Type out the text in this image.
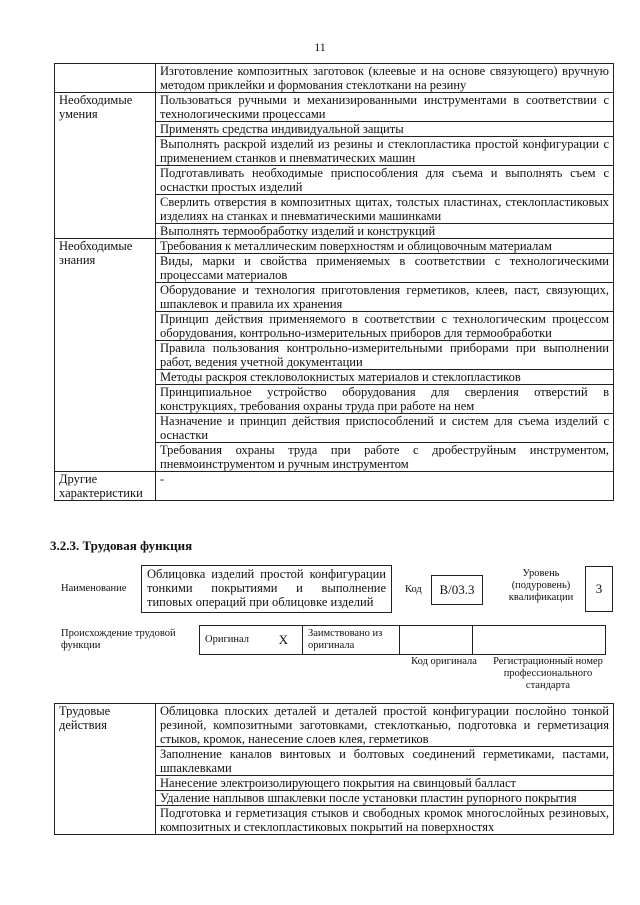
11
	Изготовление композитных заготовок (клеевые и на основе связующего) вручную методом приклейки и формования стеклоткани на резину
Необходимые умения	Пользоваться ручными и механизированными инструментами в соответствии с технологическими процессами
	Применять средства индивидуальной защиты
	Выполнять раскрой изделий из резины и стеклопластика простой конфигурации с применением станков и пневматических машин
	Подготавливать необходимые приспособления для съема и выполнять съем с оснастки простых изделий
	Сверлить отверстия в композитных щитах, толстых пластинах, стеклопластиковых изделиях на станках и пневматическими машинками
	Выполнять термообработку изделий и конструкций
Необходимые знания	Требования к металлическим поверхностям и облицовочным материалам
	Виды, марки и свойства применяемых в соответствии с технологическими процессами материалов
	Оборудование и технология приготовления герметиков, клеев, паст, связующих, шпаклевок и правила их хранения
	Принцип действия применяемого в соответствии с технологическим процессом оборудования, контрольно-измерительных приборов для термообработки
	Правила пользования контрольно-измерительными приборами при выполнении работ, ведения учетной документации
	Методы раскроя стекловолокнистых материалов и стеклопластиков
	Принципиальное устройство оборудования для сверления отверстий в конструкциях, требования охраны труда при работе на нем
	Назначение и принцип действия приспособлений и систем для съема изделий с оснастки
	Требования охраны труда при работе с дробеструйным инструментом, пневмоинструментом и ручным инструментом
Другие характеристики	-
3.2.3. Трудовая функция
Наименование
Облицовка изделий простой конфигурации тонкими покрытиями и выполнение типовых операций при облицовке изделий
Код	B/03.3
Уровень (подуровень) квалификации
3
Происхождение трудовой функции
Оригинал X	Заимствовано из оригинала
Код оригинала	Регистрационный номер профессионального стандарта
Трудовые действия	Облицовка плоских деталей и деталей простой конфигурации послойно тонкой резиной, композитными заготовками, стеклотканью, подготовка и герметизация стыков, кромок, нанесение слоев клея, герметиков
Заполнение каналов винтовых и болтовых соединений герметиками, пастами, шпаклевками
Нанесение электроизолирующего покрытия на свинцовый балласт
Удаление наплывов шпаклевки после установки пластин рупорного покрытия
Подготовка и герметизация стыков и свободных кромок многослойных резиновых, композитных и стеклопластиковых покрытий на поверхностях
